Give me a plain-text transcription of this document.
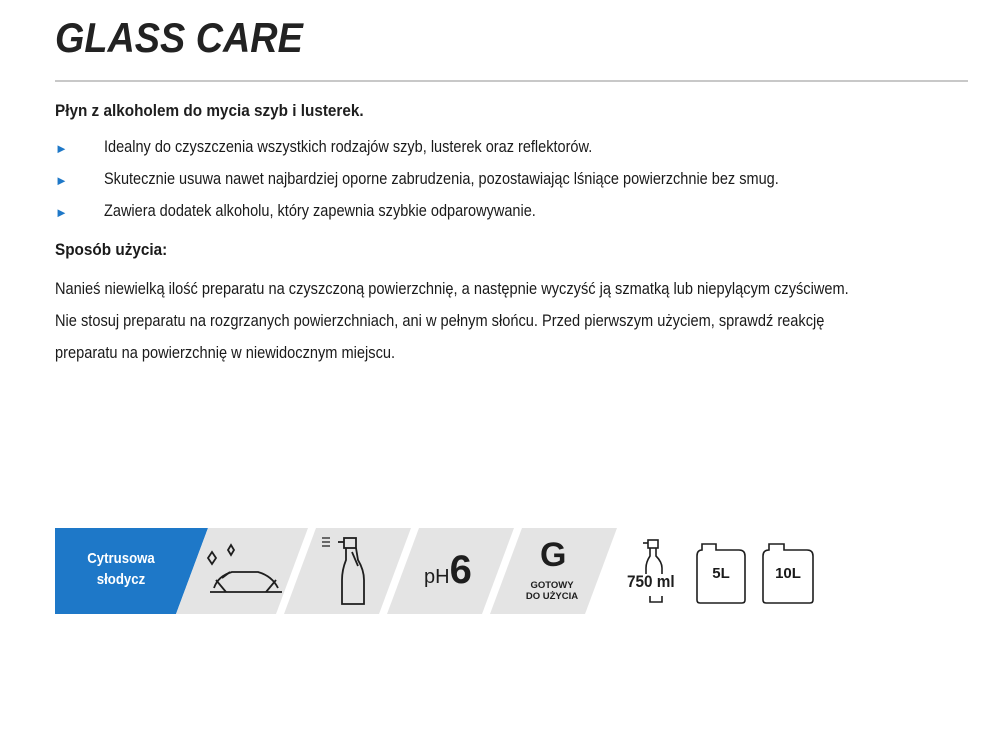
GLASS CARE
Płyn z alkoholem do mycia szyb i lusterek.
► Idealny do czyszczenia wszystkich rodzajów szyb, lusterek oraz reflektorów.
► Skutecznie usuwa nawet najbardziej oporne zabrudzenia, pozostawiając lśniące powierzchnie bez smug.
► Zawiera dodatek alkoholu, który zapewnia szybkie odparowywanie.
Sposób użycia:
Nanieś niewielką ilość preparatu na czyszczoną powierzchnię, a następnie wyczyść ją szmatką lub niepylącym czyściwem.
Nie stosuj preparatu na rozgrzanych powierzchniach, ani w pełnym słońcu. Przed pierwszym użyciem, sprawdź reakcję
preparatu na powierzchnię w niewidocznym miejscu.
Cytrusowa
słodycz	pH6 G
GOTOWY
DO UŻYCIA
750 ml	5L	10L
